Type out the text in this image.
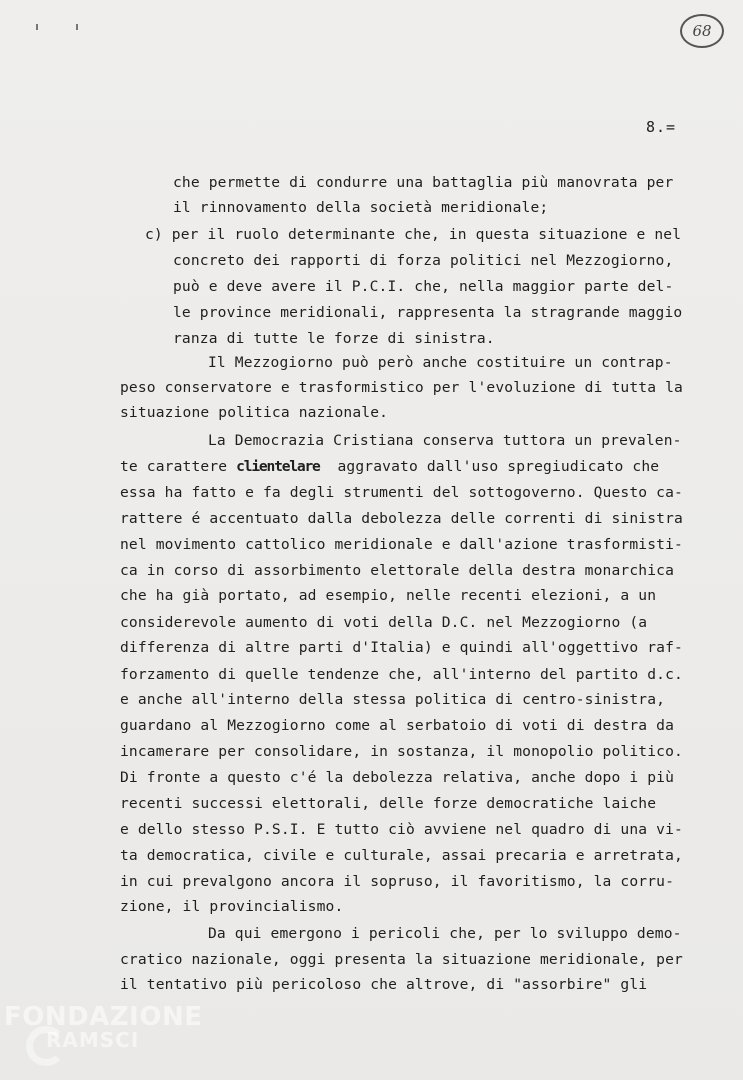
68
8.=
che permette di condurre una battaglia più manovrata per
il rinnovamento della società meridionale;
c) per il ruolo determinante che, in questa situazione e nel
concreto dei rapporti di forza politici nel Mezzogiorno,
può e deve avere il P.C.I. che, nella maggior parte del-
le province meridionali, rappresenta la stragrande maggio
ranza di tutte le forze di sinistra.
Il Mezzogiorno può però anche costituire un contrap-
peso conservatore e trasformistico per l'evoluzione di tutta la
situazione politica nazionale.
La Democrazia Cristiana conserva tuttora un prevalen-
te carattere clientelare aggravato dall'uso spregiudicato che
essa ha fatto e fa degli strumenti del sottogoverno. Questo ca-
rattere é accentuato dalla debolezza delle correnti di sinistra
nel movimento cattolico meridionale e dall'azione trasformisti-
ca in corso di assorbimento elettorale della destra monarchica
che ha già portato, ad esempio, nelle recenti elezioni, a un
considerevole aumento di voti della D.C. nel Mezzogiorno (a
differenza di altre parti d'Italia) e quindi all'oggettivo raf-
forzamento di quelle tendenze che, all'interno del partito d.c.
e anche all'interno della stessa politica di centro-sinistra,
guardano al Mezzogiorno come al serbatoio di voti di destra da
incamerare per consolidare, in sostanza, il monopolio politico.
Di fronte a questo c'é la debolezza relativa, anche dopo i più
recenti successi elettorali, delle forze democratiche laiche
e dello stesso P.S.I. E tutto ciò avviene nel quadro di una vi-
ta democratica, civile e culturale, assai precaria e arretrata,
in cui prevalgono ancora il sopruso, il favoritismo, la corru-
zione, il provincialismo.
Da qui emergono i pericoli che, per lo sviluppo demo-
cratico nazionale, oggi presenta la situazione meridionale, per
il tentativo più pericoloso che altrove, di "assorbire" gli
FONDAZIONE
RAMSCI
